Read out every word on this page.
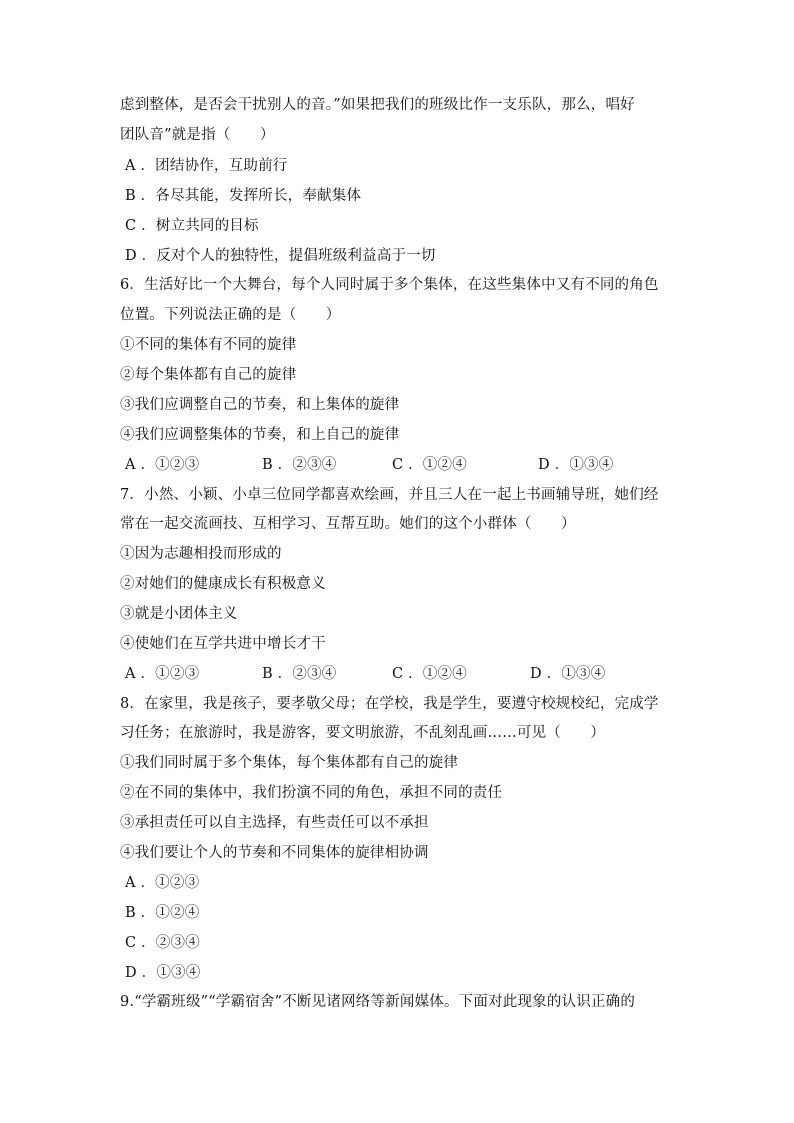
虑到整体，是否会干扰别人的音。”如果把我们的班级比作一支乐队，那么，唱好
团队音”就是指（　　）
A ．团结协作，互助前行
B ．各尽其能，发挥所长，奉献集体
C ．树立共同的目标
D ．反对个人的独特性，提倡班级利益高于一切
6．生活好比一个大舞台，每个人同时属于多个集体，在这些集体中又有不同的角色
位置。下列说法正确的是（　　）
①不同的集体有不同的旋律
②每个集体都有自己的旋律
③我们应调整自己的节奏，和上集体的旋律
④我们应调整集体的节奏，和上自己的旋律
A ．①②③	B ．②③④	C ．①②④	D ．①③④
7．小然、小颖、小卓三位同学都喜欢绘画，并且三人在一起上书画辅导班，她们经
常在一起交流画技、互相学习、互帮互助。她们的这个小群体（　　）
①因为志趣相投而形成的
②对她们的健康成长有积极意义
③就是小团体主义
④使她们在互学共进中增长才干
A ．①②③	B ．②③④	C ．①②④	D ．①③④
8．在家里，我是孩子，要孝敬父母；在学校，我是学生，要遵守校规校纪，完成学
习任务；在旅游时，我是游客，要文明旅游，不乱刻乱画……可见（　　）
①我们同时属于多个集体，每个集体都有自己的旋律
②在不同的集体中，我们扮演不同的角色，承担不同的责任
③承担责任可以自主选择，有些责任可以不承担
④我们要让个人的节奏和不同集体的旋律相协调
A ．①②③
B ．①②④
C ．②③④
D ．①③④
9.“学霸班级”“学霸宿舍”不断见诸网络等新闻媒体。下面对此现象的认识正确的
